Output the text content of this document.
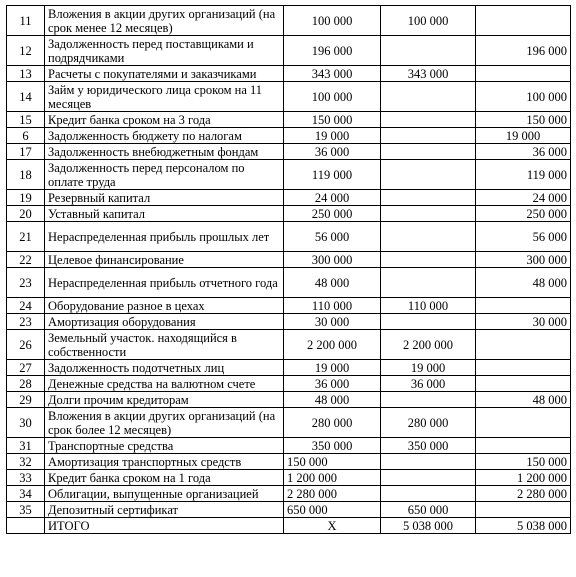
11	Вложения в акции других организаций (на срок менее 12 месяцев)	100 000	100 000	
12	Задолженность перед поставщиками и подрядчиками	196 000		196 000
13	Расчеты с покупателями и заказчиками	343 000	343 000	
14	Займ у юридического лица сроком на 11 месяцев	100 000		100 000
15	Кредит банка сроком на 3 года	150 000		150 000
6	Задолженность бюджету по налогам	19 000		19 000
17	Задолженность внебюджетным фондам	36 000		36 000
18	Задолженность перед персоналом по оплате труда	119 000		119 000
19	Резервный капитал	24 000		24 000
20	Уставный капитал	250 000		250 000
21	Нераспределенная прибыль прошлых лет	56 000		56 000
22	Целевое финансирование	300 000		300 000
23	Нераспределенная прибыль отчетного года	48 000		48 000
24	Оборудование разное в цехах	110 000	110 000	
23	Амортизация оборудования	30 000		30 000
26	Земельный участок. находящийся в собственности	2 200 000	2 200 000	
27	Задолженность подотчетных лиц	19 000	19 000	
28	Денежные средства на валютном счете	36 000	36 000	
29	Долги прочим кредиторам	48 000		48 000
30	Вложения в акции других организаций (на срок более 12 месяцев)	280 000	280 000	
31	Транспортные средства	350 000	350 000	
32	Амортизация транспортных средств	150 000		150 000
33	Кредит банка сроком на 1 года	1 200 000		1 200 000
34	Облигации, выпущенные организацией	2 280 000		2 280 000
35	Депозитный сертификат	650 000	650 000	
	ИТОГО	Х	5 038 000	5 038 000
